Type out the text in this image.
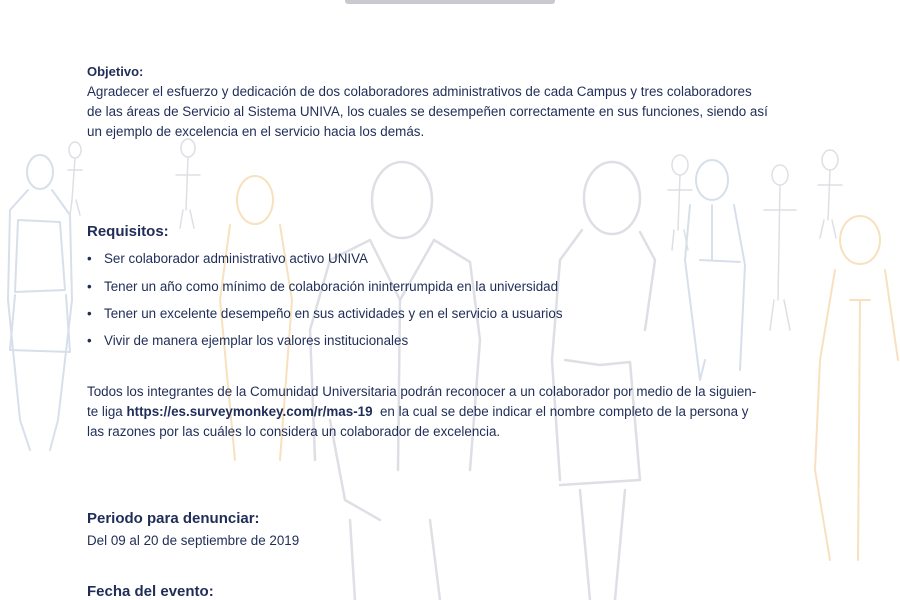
Objetivo:
Agradecer el esfuerzo y dedicación de dos colaboradores administrativos de cada Campus y tres colaboradores
de las áreas de Servicio al Sistema UNIVA, los cuales se desempeñen correctamente en sus funciones, siendo así
un ejemplo de excelencia en el servicio hacia los demás.
Requisitos:
• Ser colaborador administrativo activo UNIVA
• Tener un año como mínimo de colaboración ininterrumpida en la universidad
• Tener un excelente desempeño en sus actividades y en el servicio a usuarios
• Vivir de manera ejemplar los valores institucionales
Todos los integrantes de la Comunidad Universitaria podrán reconocer a un colaborador por medio de la siguien-
te liga https://es.surveymonkey.com/r/mas-19  en la cual se debe indicar el nombre completo de la persona y
las razones por las cuáles lo considera un colaborador de excelencia.
Periodo para denunciar:
Del 09 al 20 de septiembre de 2019
Fecha del evento:
